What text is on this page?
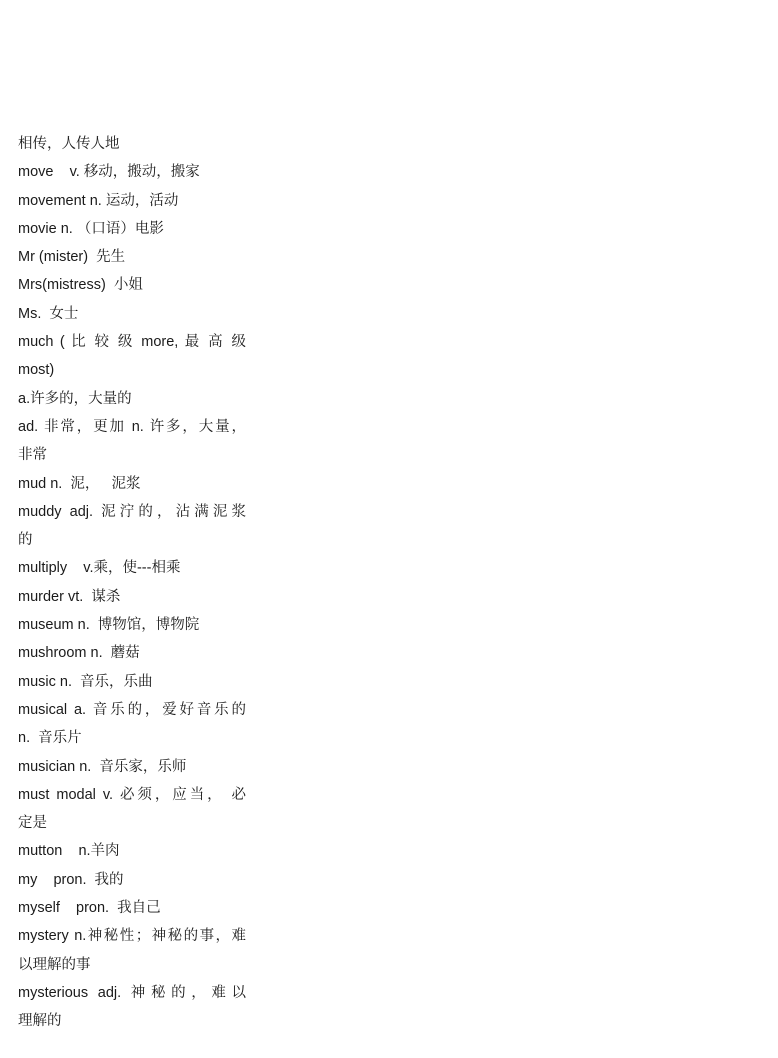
相传，人传人地
move    v. 移动，搬动，搬家
movement n. 运动，活动
movie n. （口语）电影
Mr (mister)  先生
Mrs(mistress)  小姐
Ms.  女士
much ( 比 较 级 more, 最 高 级
most)
a.许多的，大量的
ad. 非常，更加 n. 许多，大量，
非常
mud n.  泥，   泥浆
muddy adj. 泥泞的，沾满泥浆
的
multiply    v.乘，使---相乘
murder vt.  谋杀
museum n.  博物馆，博物院
mushroom n.  蘑菇
music n.  音乐，乐曲
musical a. 音乐的，爱好音乐的
n.  音乐片
musician n.  音乐家，乐师
must modal v. 必须，应当， 必
定是
mutton    n.羊肉
my    pron.  我的
myself    pron.  我自己
mystery n.神秘性；神秘的事，难
以理解的事
mysterious adj. 神秘的，难以
理解的
